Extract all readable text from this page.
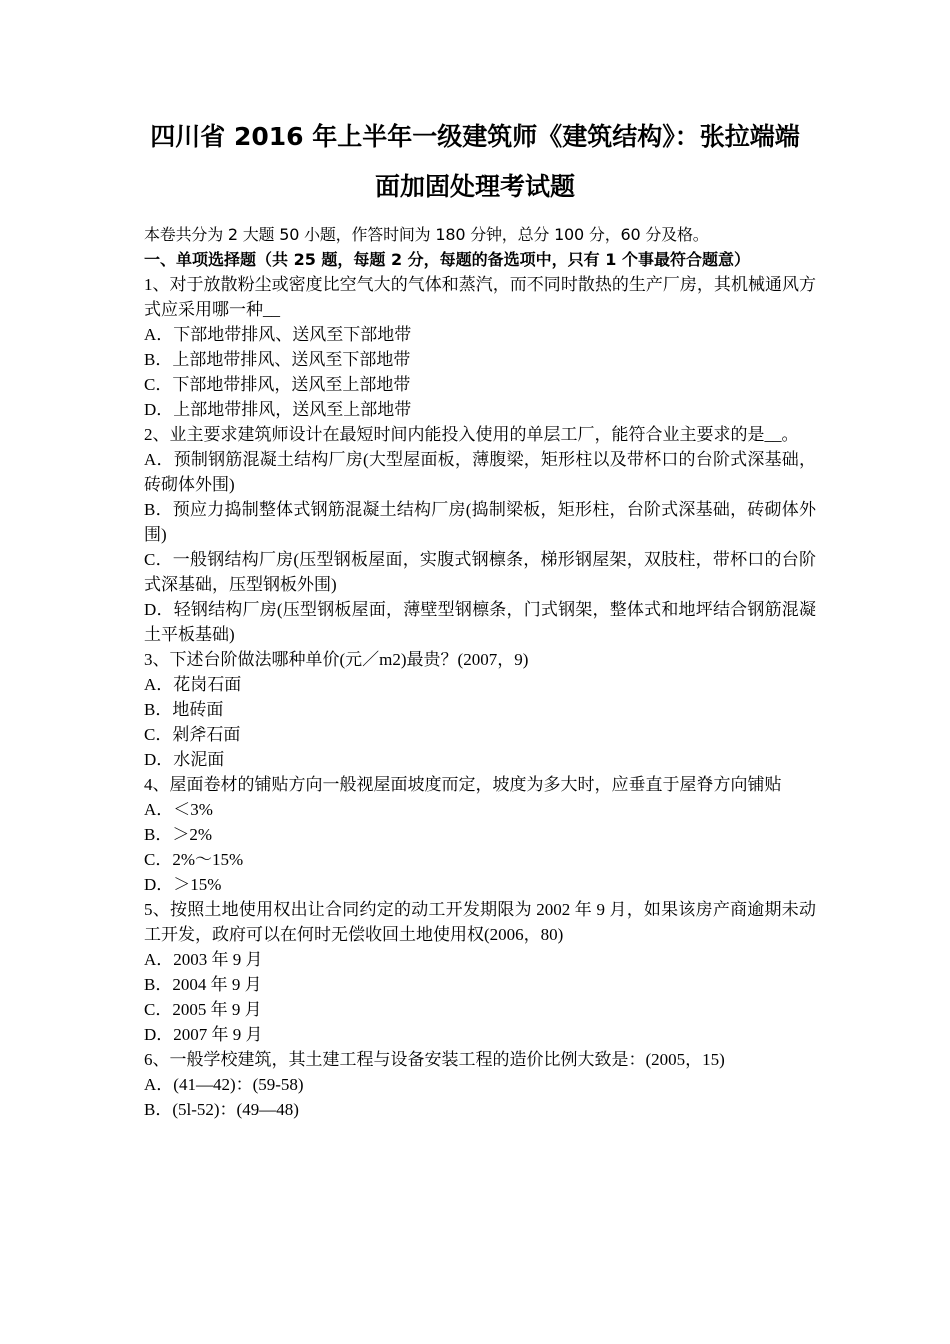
四川省 2016 年上半年一级建筑师《建筑结构》：张拉端端
面加固处理考试题
本卷共分为 2 大题 50 小题，作答时间为 180 分钟，总分 100 分，60 分及格。
一、单项选择题（共 25 题，每题 2 分，每题的备选项中，只有 1 个事最符合题意）
1、对于放散粉尘或密度比空气大的气体和蒸汽，而不同时散热的生产厂房，其机械通风方式应采用哪一种__
A．下部地带排风、送风至下部地带
B．上部地带排风、送风至下部地带
C．下部地带排风，送风至上部地带
D．上部地带排风，送风至上部地带
2、业主要求建筑师设计在最短时间内能投入使用的单层工厂，能符合业主要求的是__。
A．预制钢筋混凝土结构厂房(大型屋面板，薄腹梁，矩形柱以及带杯口的台阶式深基础，砖砌体外围)
B．预应力捣制整体式钢筋混凝土结构厂房(捣制梁板，矩形柱，台阶式深基础，砖砌体外围)
C．一般钢结构厂房(压型钢板屋面，实腹式钢檩条，梯形钢屋架，双肢柱，带杯口的台阶式深基础，压型钢板外围)
D．轻钢结构厂房(压型钢板屋面，薄壁型钢檩条，门式钢架，整体式和地坪结合钢筋混凝土平板基础)
3、下述台阶做法哪种单价(元／m2)最贵？(2007，9)
A．花岗石面
B．地砖面
C．剁斧石面
D．水泥面
4、屋面卷材的铺贴方向一般视屋面坡度而定，坡度为多大时，应垂直于屋脊方向铺贴
A．＜3%
B．＞2%
C．2%～15%
D．＞15%
5、按照土地使用权出让合同约定的动工开发期限为 2002 年 9 月，如果该房产商逾期未动工开发，政府可以在何时无偿收回土地使用权(2006，80)
A．2003 年 9 月
B．2004 年 9 月
C．2005 年 9 月
D．2007 年 9 月
6、一般学校建筑，其土建工程与设备安装工程的造价比例大致是：(2005，15)
A．(41—42)：(59-58)
B．(5l-52)：(49—48)
